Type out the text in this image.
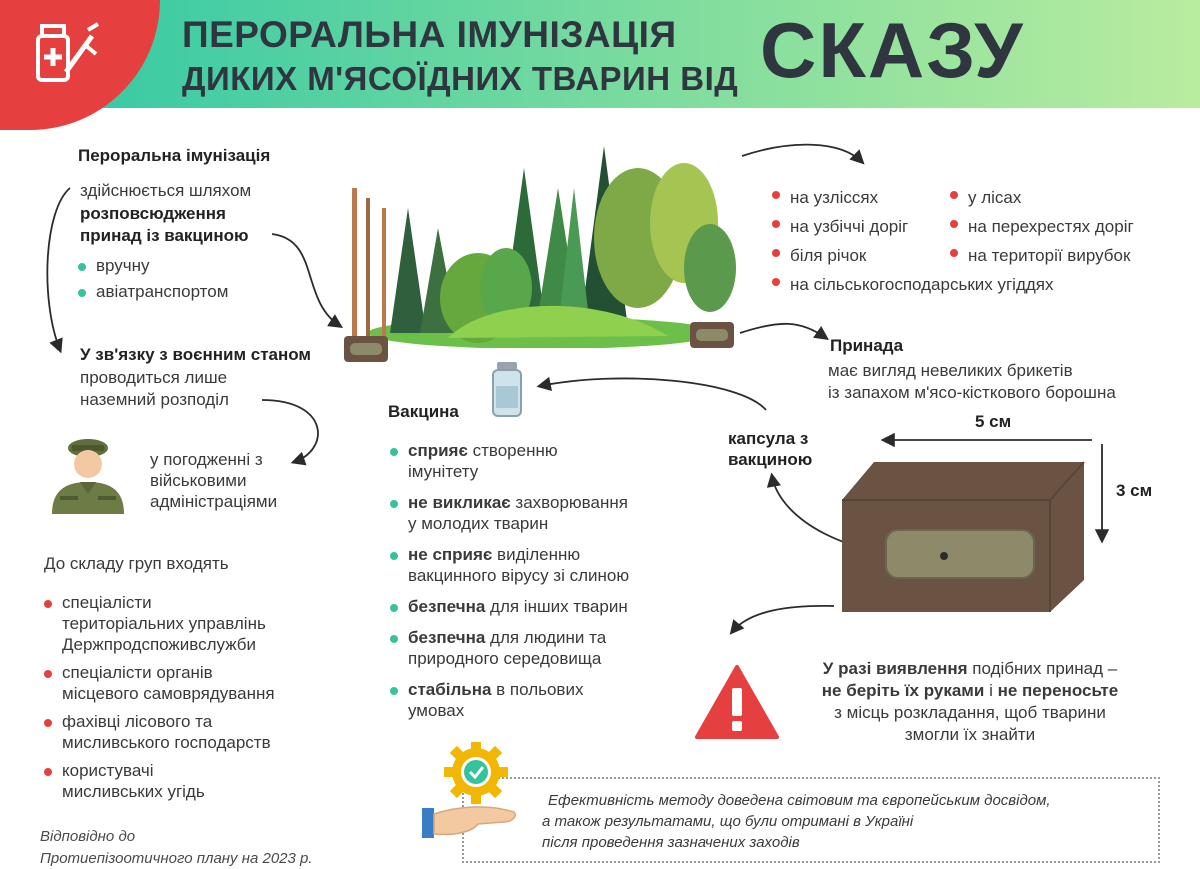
ПЕРОРАЛЬНА ІМУНІЗАЦІЯ
ДИКИХ М'ЯСОЇДНИХ ТВАРИН ВІД СКАЗУ
Пероральна імунізація
здійснюється шляхом
розповсюдження
принад із вакциною
вручну
авіатранспортом
У зв'язку з воєнним станом
проводиться лише
наземний розподіл
у погодженні з
військовими
адміністраціями
До складу груп входять
спеціалісти
територіальних управлінь
Держпродспоживслужби
спеціалісти органів
місцевого самоврядування
фахівці лісового та
мисливського господарств
користувачі
мисливських угідь
Відповідно до
Протиепізоотичного плану на 2023 р.
на узліссях
на узбіччі доріг
біля річок
на сільськогосподарських угіддях
у лісах
на перехрестях доріг
на території вирубок
Принада
має вигляд невеликих брикетів
із запахом м'ясо-кісткового борошна
5 см
3 см
капсула з
вакциною
Вакцина
сприяє створенню
імунітету
не викликає захворювання
у молодих тварин
не сприяє виділенню
вакцинного вірусу зі слиною
безпечна для інших тварин
безпечна для людини та
природного середовища
стабільна в польових
умовах
У разі виявлення подібних принад –
не беріть їх руками і не переносьте
з місць розкладання, щоб тварини
змогли їх знайти
Ефективність методу доведена світовим та європейським досвідом,
а також результатами, що були отримані в Україні
після проведення зазначених заходів
